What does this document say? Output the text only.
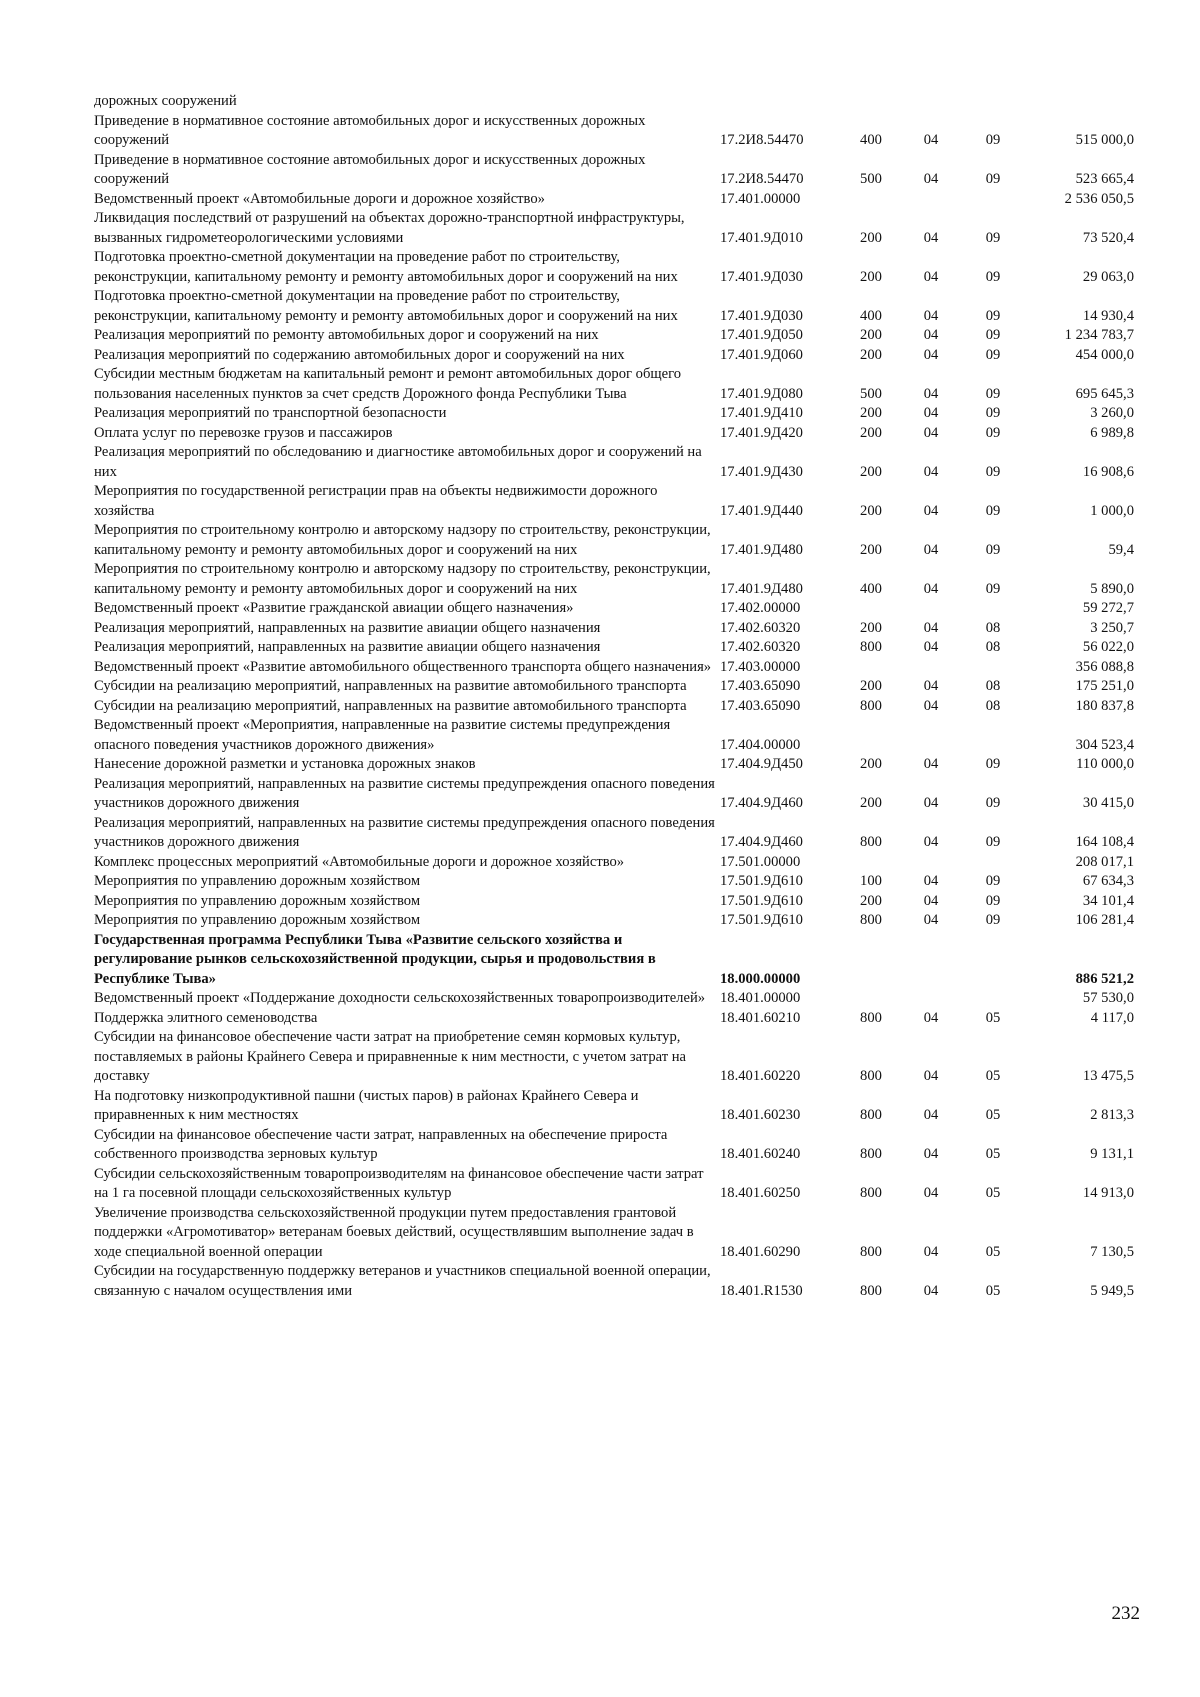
дорожных сооружений					
Приведение в нормативное состояние автомобильных дорог и искусственных дорожных сооружений	17.2И8.54470	400	04	09	515 000,0
Приведение в нормативное состояние автомобильных дорог и искусственных дорожных сооружений	17.2И8.54470	500	04	09	523 665,4
Ведомственный проект «Автомобильные дороги и дорожное хозяйство»	17.401.00000				2 536 050,5
Ликвидация последствий от разрушений на объектах дорожно-транспортной инфраструктуры, вызванных гидрометеорологическими условиями	17.401.9Д010	200	04	09	73 520,4
Подготовка проектно-сметной документации на проведение работ по строительству, реконструкции, капитальному ремонту и ремонту автомобильных дорог и сооружений на них	17.401.9Д030	200	04	09	29 063,0
Подготовка проектно-сметной документации на проведение работ по строительству, реконструкции, капитальному ремонту и ремонту автомобильных дорог и сооружений на них	17.401.9Д030	400	04	09	14 930,4
Реализация мероприятий по ремонту автомобильных дорог и сооружений на них	17.401.9Д050	200	04	09	1 234 783,7
Реализация мероприятий по содержанию автомобильных дорог и сооружений на них	17.401.9Д060	200	04	09	454 000,0
Субсидии местным бюджетам на капитальный ремонт и ремонт автомобильных дорог общего пользования населенных пунктов за счет средств Дорожного фонда Республики Тыва	17.401.9Д080	500	04	09	695 645,3
Реализация мероприятий по транспортной безопасности	17.401.9Д410	200	04	09	3 260,0
Оплата услуг по перевозке грузов и пассажиров	17.401.9Д420	200	04	09	6 989,8
Реализация мероприятий по обследованию и диагностике автомобильных дорог и сооружений на них	17.401.9Д430	200	04	09	16 908,6
Мероприятия по государственной регистрации прав на объекты недвижимости дорожного хозяйства	17.401.9Д440	200	04	09	1 000,0
Мероприятия по строительному контролю и авторскому надзору по строительству, реконструкции, капитальному ремонту и ремонту автомобильных дорог и сооружений на них	17.401.9Д480	200	04	09	59,4
Мероприятия по строительному контролю и авторскому надзору по строительству, реконструкции, капитальному ремонту и ремонту автомобильных дорог и сооружений на них	17.401.9Д480	400	04	09	5 890,0
Ведомственный проект «Развитие гражданской авиации общего назначения»	17.402.00000				59 272,7
Реализация мероприятий, направленных на развитие авиации общего назначения	17.402.60320	200	04	08	3 250,7
Реализация мероприятий, направленных на развитие авиации общего назначения	17.402.60320	800	04	08	56 022,0
Ведомственный проект «Развитие автомобильного общественного транспорта общего назначения»	17.403.00000				356 088,8
Субсидии на реализацию мероприятий, направленных на развитие автомобильного транспорта	17.403.65090	200	04	08	175 251,0
Субсидии на реализацию мероприятий, направленных на развитие автомобильного транспорта	17.403.65090	800	04	08	180 837,8
Ведомственный проект «Мероприятия, направленные на развитие системы предупреждения опасного поведения участников дорожного движения»	17.404.00000				304 523,4
Нанесение дорожной разметки и установка дорожных знаков	17.404.9Д450	200	04	09	110 000,0
Реализация мероприятий, направленных на развитие системы предупреждения опасного поведения участников дорожного движения	17.404.9Д460	200	04	09	30 415,0
Реализация мероприятий, направленных на развитие системы предупреждения опасного поведения участников дорожного движения	17.404.9Д460	800	04	09	164 108,4
Комплекс процессных мероприятий «Автомобильные дороги и дорожное хозяйство»	17.501.00000				208 017,1
Мероприятия по управлению дорожным хозяйством	17.501.9Д610	100	04	09	67 634,3
Мероприятия по управлению дорожным хозяйством	17.501.9Д610	200	04	09	34 101,4
Мероприятия по управлению дорожным хозяйством	17.501.9Д610	800	04	09	106 281,4
Государственная программа Республики Тыва «Развитие сельского хозяйства и регулирование рынков сельскохозяйственной продукции, сырья и продовольствия в Республике Тыва»	18.000.00000				886 521,2
Ведомственный проект «Поддержание доходности сельскохозяйственных товаропроизводителей»	18.401.00000				57 530,0
Поддержка элитного семеноводства	18.401.60210	800	04	05	4 117,0
Субсидии на финансовое обеспечение части затрат на приобретение семян кормовых культур, поставляемых в районы Крайнего Севера и приравненные к ним местности, с учетом затрат на доставку	18.401.60220	800	04	05	13 475,5
На подготовку низкопродуктивной пашни (чистых паров) в районах Крайнего Севера и приравненных к ним местностях	18.401.60230	800	04	05	2 813,3
Субсидии на финансовое обеспечение части затрат, направленных на обеспечение прироста собственного производства зерновых культур	18.401.60240	800	04	05	9 131,1
Субсидии сельскохозяйственным товаропроизводителям на финансовое обеспечение части затрат на 1 га посевной площади сельскохозяйственных культур	18.401.60250	800	04	05	14 913,0
Увеличение производства сельскохозяйственной продукции путем предоставления грантовой поддержки «Агромотиватор» ветеранам боевых действий, осуществлявшим выполнение задач в ходе специальной военной операции	18.401.60290	800	04	05	7 130,5
Субсидии на государственную поддержку ветеранов и участников специальной военной операции, связанную с началом осуществления ими	18.401.R1530	800	04	05	5 949,5
232
